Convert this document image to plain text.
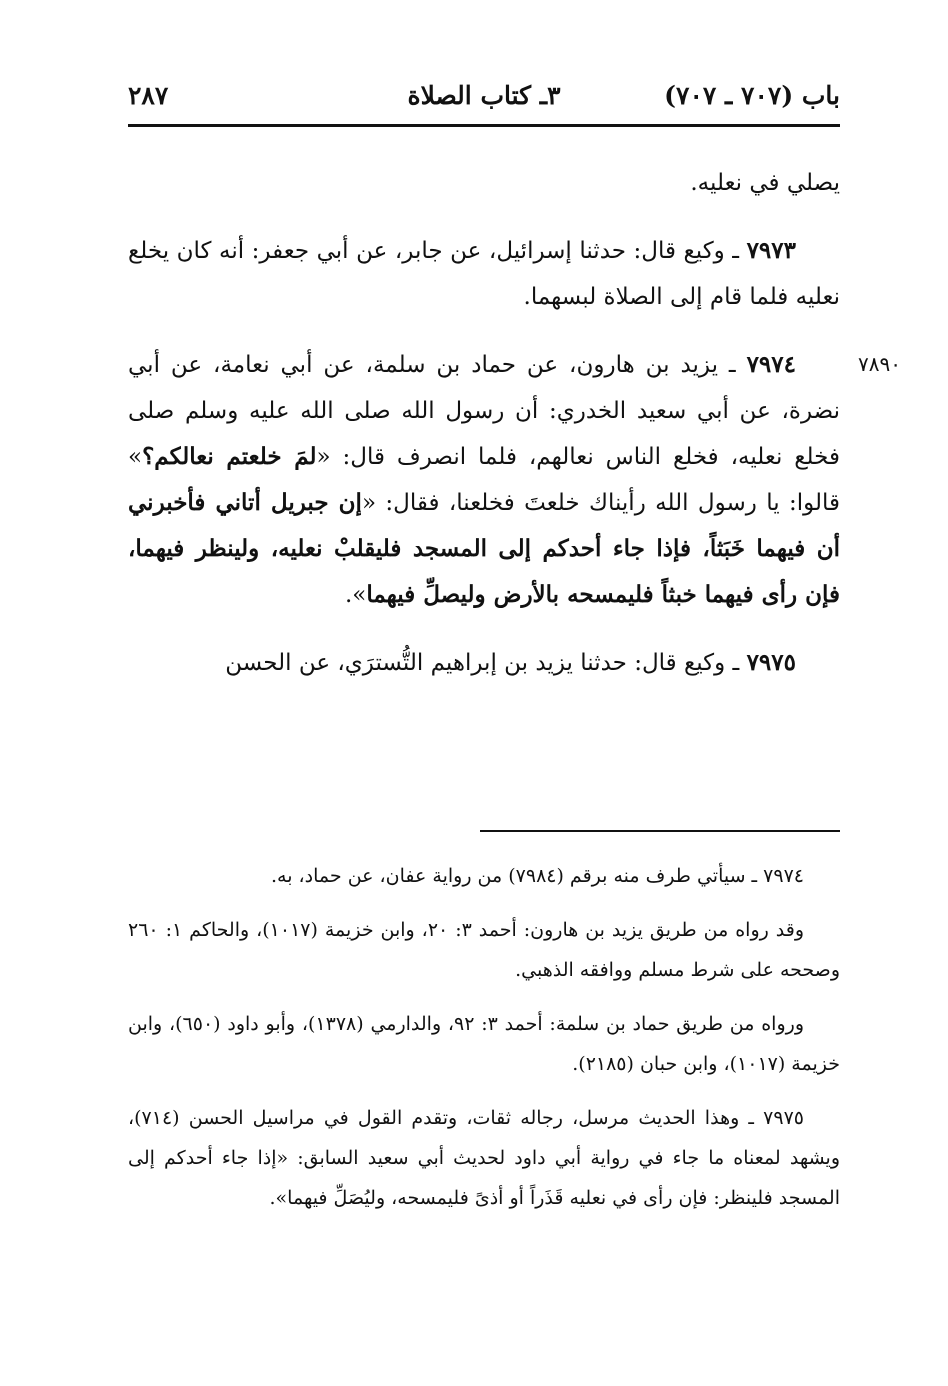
باب (٧٠٧ ـ ٧٠٧)
٣ـ كتاب الصلاة
٢٨٧
٧٨٩٠

يصلي في نعليه.

٧٩٧٣ ـ وكيع قال: حدثنا إسرائيل، عن جابر، عن أبي جعفر: أنه كان يخلع نعليه فلما قام إلى الصلاة لبسهما.

٧٩٧٤ ـ يزيد بن هارون، عن حماد بن سلمة، عن أبي نعامة، عن أبي نضرة، عن أبي سعيد الخدري: أن رسول الله صلى الله عليه وسلم صلى فخلع نعليه، فخلع الناس نعالهم، فلما انصرف قال: «لمَ خلعتم نعالكم؟» قالوا: يا رسول الله رأيناك خلعتَ فخلعنا، فقال: «إن جبريل أتاني فأخبرني أن فيهما خَبَثاً، فإذا جاء أحدكم إلى المسجد فليقلبْ نعليه، ولينظر فيهما، فإن رأى فيهما خبثاً فليمسحه بالأرض وليصلِّ فيهما».

٧٩٧٥ ـ وكيع قال: حدثنا يزيد بن إبراهيم التُّسترَي، عن الحسن

٧٩٧٤ ـ سيأتي طرف منه برقم (٧٩٨٤) من رواية عفان، عن حماد، به.

وقد رواه من طريق يزيد بن هارون: أحمد ٣: ٢٠، وابن خزيمة (١٠١٧)، والحاكم ١: ٢٦٠ وصححه على شرط مسلم ووافقه الذهبي.

ورواه من طريق حماد بن سلمة: أحمد ٣: ٩٢، والدارمي (١٣٧٨)، وأبو داود (٦٥٠)، وابن خزيمة (١٠١٧)، وابن حبان (٢١٨٥).

٧٩٧٥ ـ وهذا الحديث مرسل، رجاله ثقات، وتقدم القول في مراسيل الحسن (٧١٤)، ويشهد لمعناه ما جاء في رواية أبي داود لحديث أبي سعيد السابق: «إذا جاء أحدكم إلى المسجد فلينظر: فإن رأى في نعليه قَذَراً أو أذىً فليمسحه، وليُصَلِّ فيهما».
